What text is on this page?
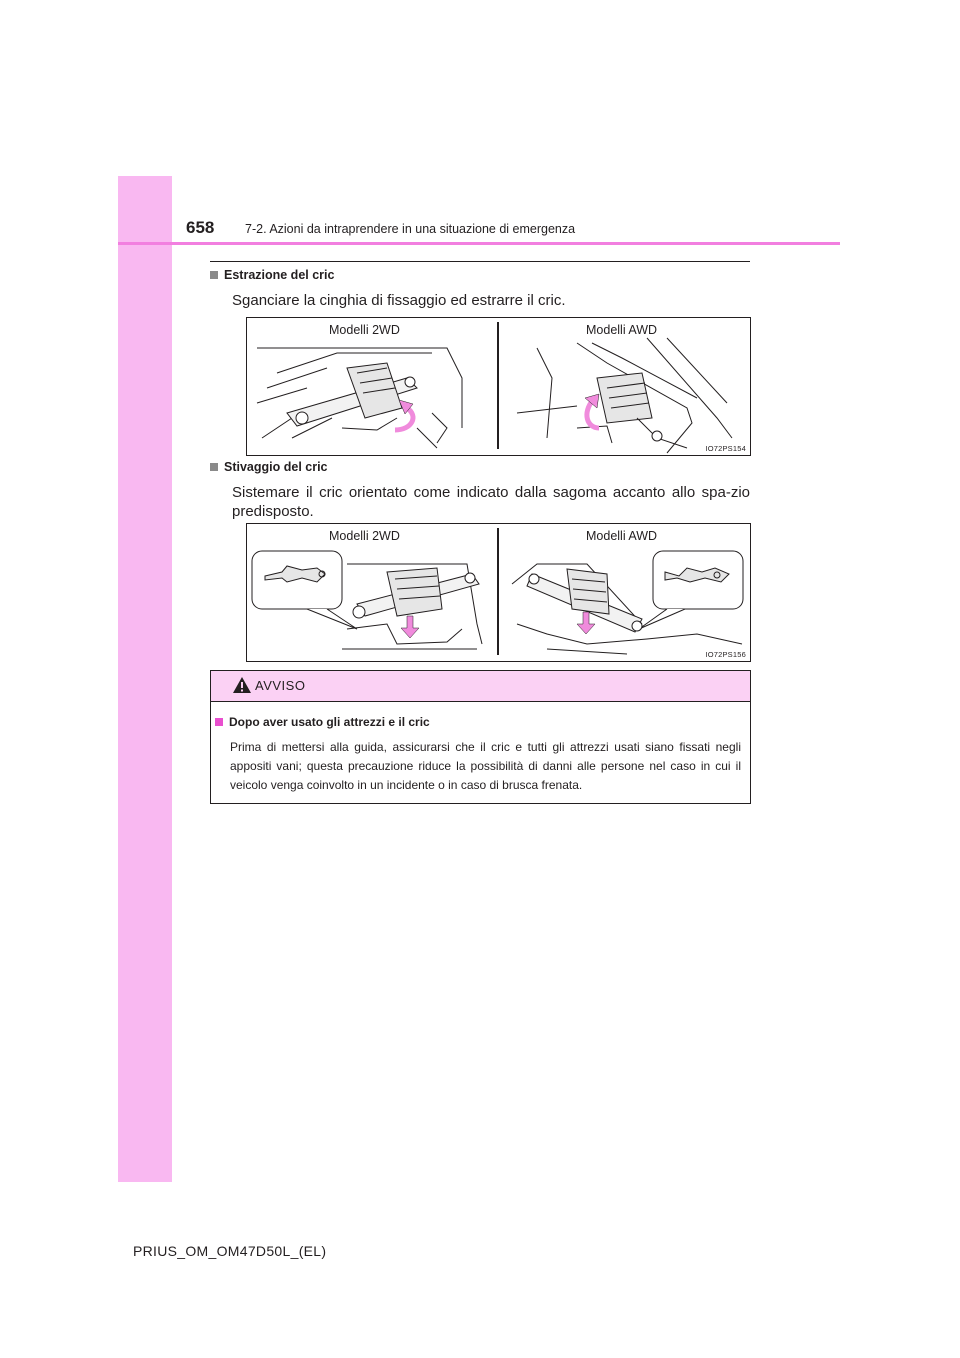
658 7-2. Azioni da intraprendere in una situazione di emergenza
Estrazione del cric
Sganciare la cinghia di fissaggio ed estrarre il cric.
Modelli 2WD	Modelli AWD
IO72PS154
Stivaggio del cric
Sistemare il cric orientato come indicato dalla sagoma accanto allo spa-zio predisposto.
Modelli 2WD	Modelli AWD
IO72PS156
AVVISO
Dopo aver usato gli attrezzi e il cric
Prima di mettersi alla guida, assicurarsi che il cric e tutti gli attrezzi usati siano fissati negli appositi vani; questa precauzione riduce la possibilità di danni alle persone nel caso in cui il veicolo venga coinvolto in un incidente o in caso di brusca frenata.
PRIUS_OM_OM47D50L_(EL)
